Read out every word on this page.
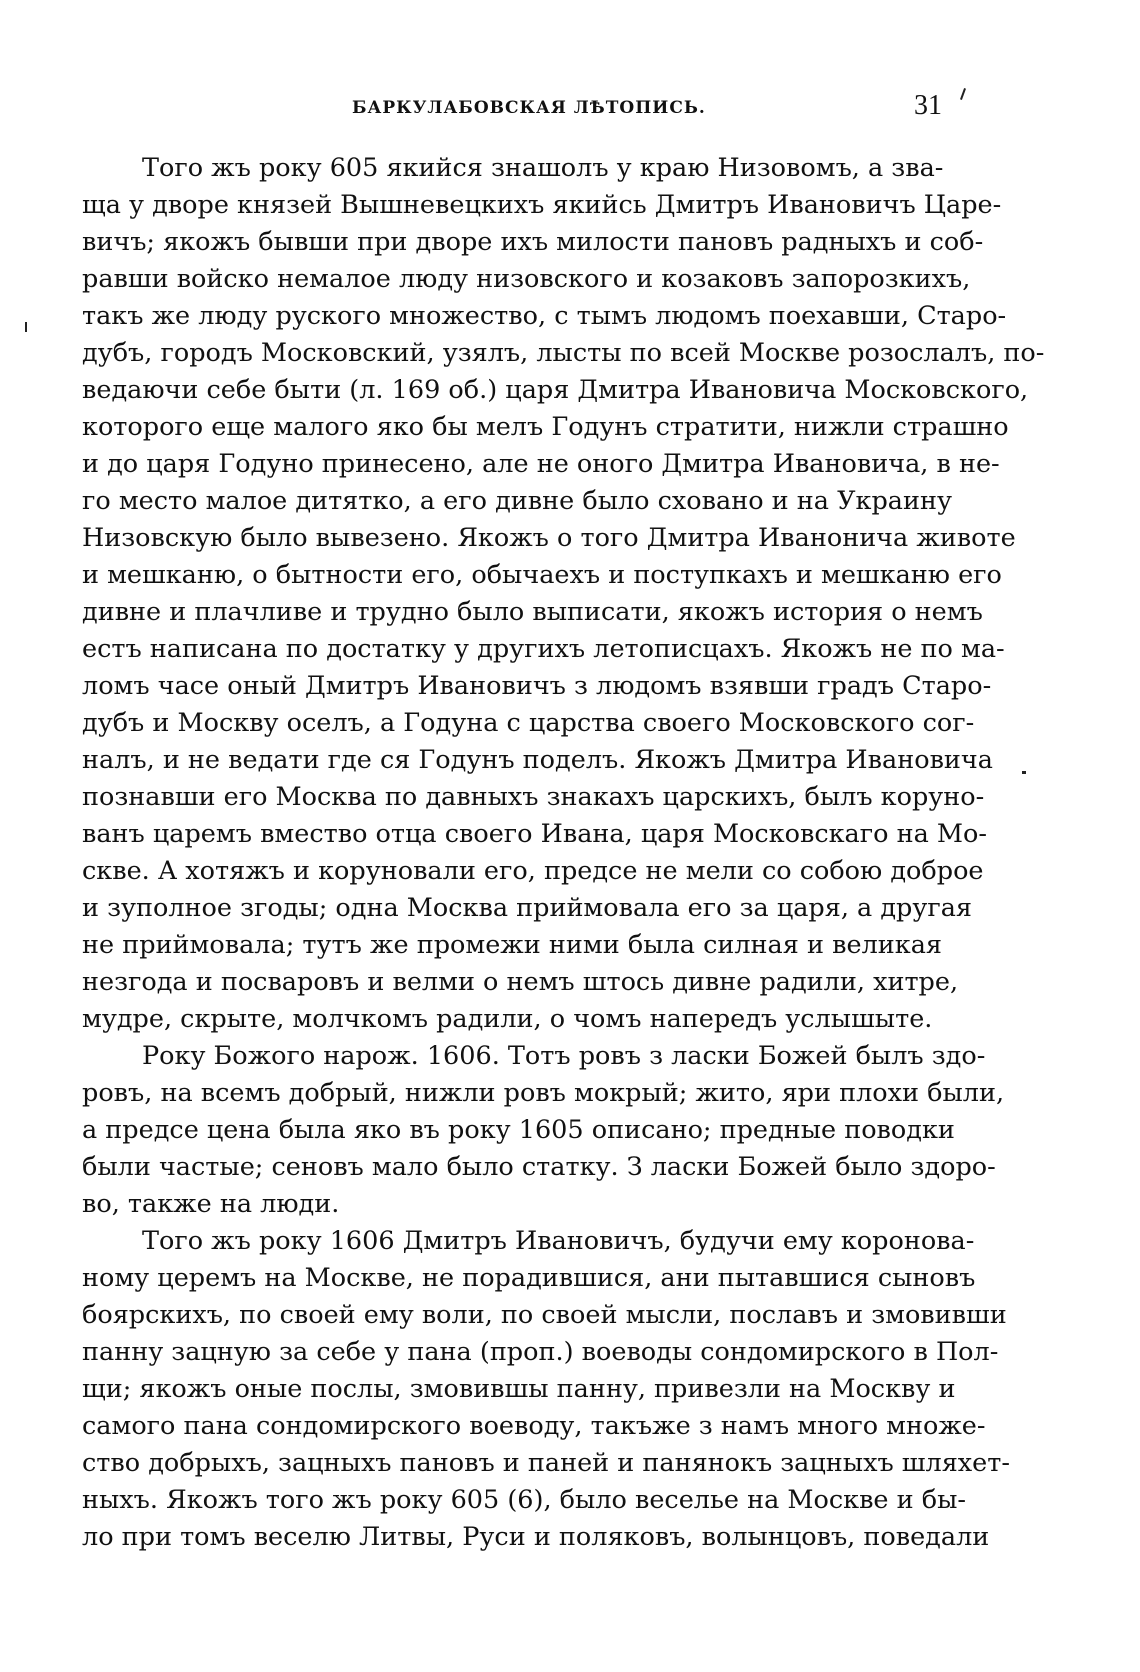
БАРКУЛАБОВСКАЯ ЛѢТОПИСЬ.	31
Того жъ року 605 якийся знашолъ у краю Низовомъ, а зва-
ща у дворе князей Вышневецкихъ якийсь Дмитръ Ивановичъ Царе-
вичъ; якожъ бывши при дворе ихъ милости пановъ радныхъ и соб-
равши войско немалое люду низовского и козаковъ запорозкихъ,
такъ же люду руского множество, с тымъ людомъ поехавши, Старо-
дубъ, городъ Московский, узялъ, лысты по всей Москве розослалъ, по-
ведаючи себе быти (л. 169 об.) царя Дмитра Ивановича Московского,
которого еще малого яко бы мелъ Годунъ стратити, нижли страшно
и до царя Годуно принесено, але не оного Дмитра Ивановича, в не-
го место малое дитятко, а его дивне было сховано и на Украину
Низовскую было вывезено. Якожъ о того Дмитра Иванонича животе
и мешканю, о бытности его, обычаехъ и поступкахъ и мешканю его
дивне и плачливе и трудно было выписати, якожъ история о немъ
естъ написана по достатку у другихъ летописцахъ. Якожъ не по ма-
ломъ часе оный Дмитръ Ивановичъ з людомъ взявши градъ Старо-
дубъ и Москву оселъ, а Годуна с царства своего Московского сог-
налъ, и не ведати где ся Годунъ поделъ. Якожъ Дмитра Ивановича
познавши его Москва по давныхъ знакахъ царскихъ, былъ коруно-
ванъ царемъ вмество отца своего Ивана, царя Московскаго на Мо-
скве. А хотяжъ и коруновали его, предсе не мели со собою доброе
и зуполное згоды; одна Москва приймовала его за царя, а другая
не приймовала; тутъ же промежи ними была силная и великая
незгода и посваровъ и велми о немъ штось дивне радили, хитре,
мудре, скрыте, молчкомъ радили, о чомъ напередъ услышыте.
Року Божого нарож. 1606. Тотъ ровъ з ласки Божей былъ здо-
ровъ, на всемъ добрый, нижли ровъ мокрый; жито, яри плохи были,
а предсе цена была яко въ року 1605 описано; предные поводки
были частые; сеновъ мало было статку. З ласки Божей было здоро-
во, также на люди.
Того жъ року 1606 Дмитръ Ивановичъ, будучи ему коронова-
ному церемъ на Москве, не порадившися, ани пытавшися сыновъ
боярскихъ, по своей ему воли, по своей мысли, пославъ и змовивши
панну зацную за себе у пана (проп.) воеводы сондомирского в Пол-
щи; якожъ оные послы, змовившы панну, привезли на Москву и
самого пана сондомирского воеводу, такъже з намъ много множе-
ство добрыхъ, зацныхъ пановъ и паней и панянокъ зацныхъ шляхет-
ныхъ. Якожъ того жъ року 605 (6), было веселье на Москве и бы-
ло при томъ веселю Литвы, Руси и поляковъ, волынцовъ, поведали
